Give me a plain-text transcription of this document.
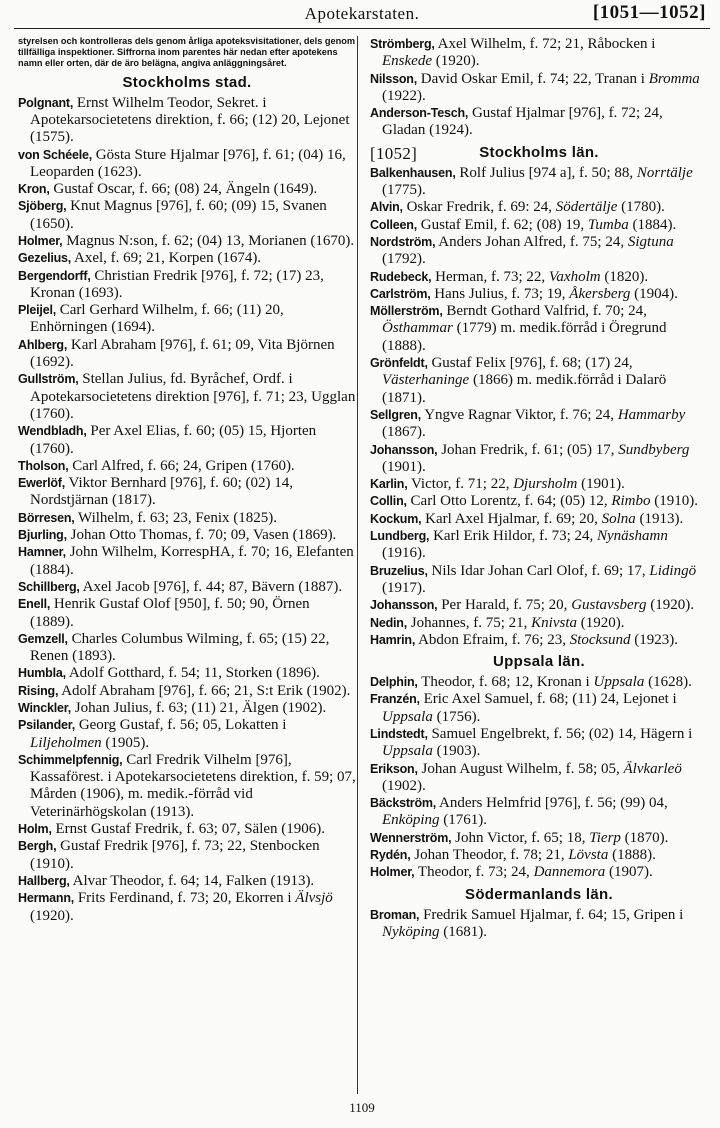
Apotekarstaten.	[1051—1052]

styrelsen och kontrolleras dels genom årliga apoteksvisitationer, dels genom tillfälliga inspektioner. Siffrorna inom parentes här nedan efter apotekens namn eller orten, där de äro belägna, angiva anläggningsåret.

Stockholms stad.

Polgnant, Ernst Wilhelm Teodor, Sekret. i Apotekarsocietetens direktion, f. 66; (12) 20, Lejonet (1575).

von Schéele, Gösta Sture Hjalmar [976], f. 61; (04) 16, Leoparden (1623).

Kron, Gustaf Oscar, f. 66; (08) 24, Ängeln (1649).

Sjöberg, Knut Magnus [976], f. 60; (09) 15, Svanen (1650).

Holmer, Magnus N:son, f. 62; (04) 13, Morianen (1670).

Gezelius, Axel, f. 69; 21, Korpen (1674).

Bergendorff, Christian Fredrik [976], f. 72; (17) 23, Kronan (1693).

Pleijel, Carl Gerhard Wilhelm, f. 66; (11) 20, Enhörningen (1694).

Ahlberg, Karl Abraham [976], f. 61; 09, Vita Björnen (1692).

Gullström, Stellan Julius, fd. Byråchef, Ordf. i Apotekarsocietetens direktion [976], f. 71; 23, Ugglan (1760).

Wendbladh, Per Axel Elias, f. 60; (05) 15, Hjorten (1760).

Tholson, Carl Alfred, f. 66; 24, Gripen (1760).

Ewerlöf, Viktor Bernhard [976], f. 60; (02) 14, Nordstjärnan (1817).

Börresen, Wilhelm, f. 63; 23, Fenix (1825).

Bjurling, Johan Otto Thomas, f. 70; 09, Vasen (1869).

Hamner, John Wilhelm, KorrespHA, f. 70; 16, Elefanten (1884).

Schillberg, Axel Jacob [976], f. 44; 87, Bävern (1887).

Enell, Henrik Gustaf Olof [950], f. 50; 90, Örnen (1889).

Gemzell, Charles Columbus Wilming, f. 65; (15) 22, Renen (1893).

Humbla, Adolf Gotthard, f. 54; 11, Storken (1896).

Rising, Adolf Abraham [976], f. 66; 21, S:t Erik (1902).

Winckler, Johan Julius, f. 63; (11) 21, Älgen (1902).

Psilander, Georg Gustaf, f. 56; 05, Lokatten i Liljeholmen (1905).

Schimmelpfennig, Carl Fredrik Vilhelm [976], Kassaförest. i Apotekarsocietetens direktion, f. 59; 07, Mården (1906), m. medik.-förråd vid Veterinärhögskolan (1913).

Holm, Ernst Gustaf Fredrik, f. 63; 07, Sälen (1906).

Bergh, Gustaf Fredrik [976], f. 73; 22, Stenbocken (1910).

Hallberg, Alvar Theodor, f. 64; 14, Falken (1913).

Hermann, Frits Ferdinand, f. 73; 20, Ekorren i Älvsjö (1920).

Strömberg, Axel Wilhelm, f. 72; 21, Råbocken i Enskede (1920).

Nilsson, David Oskar Emil, f. 74; 22, Tranan i Bromma (1922).

Anderson-Tesch, Gustaf Hjalmar [976], f. 72; 24, Gladan (1924).

[1052]	Stockholms län.

Balkenhausen, Rolf Julius [974 a], f. 50; 88, Norrtälje (1775).

Alvin, Oskar Fredrik, f. 69: 24, Södertälje (1780).

Colleen, Gustaf Emil, f. 62; (08) 19, Tumba (1884).

Nordström, Anders Johan Alfred, f. 75; 24, Sigtuna (1792).

Rudebeck, Herman, f. 73; 22, Vaxholm (1820).

Carlström, Hans Julius, f. 73; 19, Åkersberg (1904).

Möllerström, Berndt Gothard Valfrid, f. 70; 24, Östhammar (1779) m. medik.förråd i Öregrund (1888).

Grönfeldt, Gustaf Felix [976], f. 68; (17) 24, Västerhaninge (1866) m. medik.förråd i Dalarö (1871).

Sellgren, Yngve Ragnar Viktor, f. 76; 24, Hammarby (1867).

Johansson, Johan Fredrik, f. 61; (05) 17, Sundbyberg (1901).

Karlin, Victor, f. 71; 22, Djursholm (1901).

Collin, Carl Otto Lorentz, f. 64; (05) 12, Rimbo (1910).

Kockum, Karl Axel Hjalmar, f. 69; 20, Solna (1913).

Lundberg, Karl Erik Hildor, f. 73; 24, Nynäshamn (1916).

Bruzelius, Nils Idar Johan Carl Olof, f. 69; 17, Lidingö (1917).

Johansson, Per Harald, f. 75; 20, Gustavsberg (1920).

Nedin, Johannes, f. 75; 21, Knivsta (1920).

Hamrin, Abdon Efraim, f. 76; 23, Stocksund (1923).

Uppsala län.

Delphin, Theodor, f. 68; 12, Kronan i Uppsala (1628).

Franzén, Eric Axel Samuel, f. 68; (11) 24, Lejonet i Uppsala (1756).

Lindstedt, Samuel Engelbrekt, f. 56; (02) 14, Hägern i Uppsala (1903).

Erikson, Johan August Wilhelm, f. 58; 05, Älvkarleö (1902).

Bäckström, Anders Helmfrid [976], f. 56; (99) 04, Enköping (1761).

Wennerström, John Victor, f. 65; 18, Tierp (1870).

Rydén, Johan Theodor, f. 78; 21, Lövsta (1888).

Holmer, Theodor, f. 73; 24, Dannemora (1907).

Södermanlands län.

Broman, Fredrik Samuel Hjalmar, f. 64; 15, Gripen i Nyköping (1681).

1109
